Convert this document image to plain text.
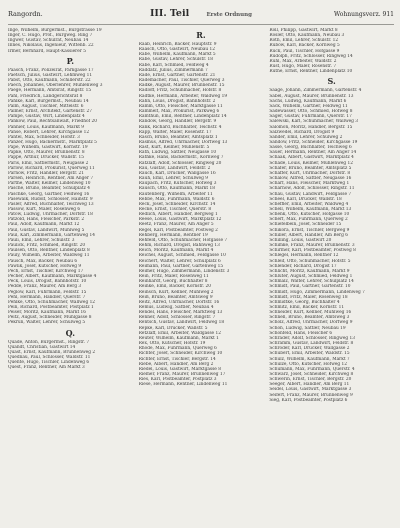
Rangordn.	III. Teil	Erste Ordnung	Wohnungsverz. 911
Inge, Wilhelm, Bürgermst., Burgstrasse 19
Inger, C. Hugo, Prof., Burgweg. Ring 7
Ingwer, Gustav, Schulrat, Neubau 14
Innes, Nikolaus, Ingenieur, Wittenb. 22
Irmer, Bernhard, Haupt-Kassierer 5
P.
Paasch, Franz, Polizeirat, Parkgasse 17
Paetsch, Julius, Gastwirt, Lehmweg 11
Pabst, Otto, Kaufmann, Schillerstr. 22
Paech, Johannes, Oberlehrer, Mühlenweg 3
Paege, Hermann, Amtsrat, Ringstr. 15
Pahl, Friedrich, Landgerichtsrat 8
Pahlke, Karl, Bürgermst., Neubau 14
Palm, August, Tischler, Mittelstr. 6
Palmer, Ernst, Architekt, Gartenstr. 27
Pampe, Gustav, Wirt, Lindenplatz 4
Pankow, Paul, Rechtsanwalt, Friedhof 20
Pannier, Louis, Kaufmann, Markt 9
Panse, Robert, Lehrer, Kirchgasse 12
Pantel, Max, Schneider, Hofstr. 3
Panzer, Hugo, Bäckermstr., Marktplatz 5
Pape, Wilhelm, Gastwirt, Kornstr. 19
Papke, Otto, Maurer, Brunnenstr. 8
Pappe, Arthur, Drucker, Wallstr. 15
Paris, Emil, Sattlermstr., Neugasse 2
Parlow, Richard, Prokurist, Querweg 11
Parnow, Fritz, Händler, Bergstr. 21
Parsen, Heinrich, Rentner, Am Anger 7
Parthe, Walter, Kellner, Lindenweg 10
Pasche, Bruno, Beamter, Schulplatz 4
Paschke, Georg, Gärtner, Feldweg 16
Pasewalk, Rudolf, Schlosser, Hainstr. 9
Pasler, Alfred, Buchhalter, Teichweg 13
Passow, Kurt, Maler, Rosenweg 6
Pätow, Ludwig, Uhrmacher, Dorfstr. 18
Pätzold, Hans, Fleischer, Parkstr. 2
Paul, Adolf, Kaufmann, Markt 12
Paul, Gustav, Landwirt, Mühlweg 5
Paul, Karl, Zimmermann, Gartenweg 14
Pauli, Emil, Lehrer, Schulstr. 3
Paulick, Fritz, Schmied, Ringstr. 20
Paulsen, Otto, Rentner, Lindenplatz 8
Pauly, Wilhelm, Arbeiter, Waldweg 11
Pausch, Max, Bäcker, Neubau 6
Pawlik, Josef, Kutscher, Hofweg 9
Pech, Ernst, Tischler, Kirchweg 17
Pecher, Albert, Kaufmann, Marktgasse 4
Peck, Louis, Drogist, Bahnhofstr. 10
Pedde, Franz, Maurer, Am Berg 3
Peglow, Karl, Fuhrmann, Feldstr. 15
Pehl, Hermann, Händler, Querstr. 7
Pehlke, Otto, Schuhmacher, Wallweg 12
Pein, Richard, Postbeamter, Postplatz 1
Peiser, Moritz, Kaufmann, Markt 16
Peitz, August, Schneider, Mühlgasse 8
Pekrun, Walter, Lehrer, Schulweg 5
Q.
Quade, Anton, Bürgermst., Ringstr. 7
Quandt, Christian, Gastwirt 14
Quast, Ernst, Kaufmann, Brunnenweg 2
Quednau, Paul, Schlosser, Waldstr. 11
Quente, Hugo, Tischler, Lindenweg 6
Quest, Franz, Rentner, Am Markt 3
R.
Raab, Heinrich, Bäcker, Hauptstr. 9
Raasch, Otto, Gastwirt, Neubau 12
Rabe, Wilhelm, Kaufmann, Markt 5
Rabe, Gustav, Lehrer, Schulstr. 18
Rabe, Karl, Schmied, Feldweg 4
Raddatz, Julius, Zimmermann 7
Rade, Ernst, Gärtner, Gartenstr. 21
Rademacher, Paul, Tischler, Querweg 3
Radke, August, Maurer, Brunnenstr. 15
Radloff, Fritz, Schuhmacher, Hofstr. 8
Radtke, Hermann, Arbeiter, Waldweg 19
Rahn, Louis, Drogist, Bahnhofstr. 2
Ramm, Otto, Fleischer, Marktgasse 11
Rammelt, Max, Prokurist, Parkweg 6
Ramthun, Emil, Rentner, Lindenplatz 14
Randow, Georg, Händler, Bergstr. 9
Rank, Richard, Buchhalter, Teichstr. 4
Rapp, Walter, Maler, Rosenstr. 17
Rasch, Bruno, Beamter, Amtsplatz 1
Rasmus, Alfred, Uhrmacher, Dorfweg 13
Rast, Kurt, Kellner, Mühlenstr. 5
Rath, Ludwig, Sattler, Neugasse 10
Rathke, Hans, Bäckermstr., Kornweg 7
Ratzlaff, Adolf, Schlosser, Ringweg 20
Rau, Gustav, Landwirt, Feldstr. 2
Rauch, Karl, Drucker, Wallgasse 16
Rauh, Emil, Lehrer, Schulweg 9
Raupach, Fritz, Kutscher, Hofweg 3
Rausch, Otto, Kaufmann, Markt 18
Rautenberg, Wilhelm, Arbeiter 11
Rebbe, Max, Fuhrmann, Waldstr. 6
Reck, Josef, Schneider, Kirchstr. 14
Recke, Ernst, Tischler, Querstr. 8
Redlich, Albert, Händler, Bergweg 1
Reese, Louis, Gastwirt, Marktplatz 12
Reetz, Franz, Maurer, Am Anger 5
Regel, Karl, Postbeamter, Postweg 2
Rehberg, Hermann, Rentner 19
Rehfeld, Otto, Schuhmacher, Hofgasse 7
Rehm, Richard, Drogist, Bahnweg 13
Reich, Moritz, Kaufmann, Markt 4
Reichel, August, Schmied, Feldgasse 10
Reichert, Walter, Lehrer, Schulplatz 6
Reimann, Paul, Gärtner, Gartenweg 15
Reimer, Hugo, Zimmermann, Lindenstr. 3
Rein, Fritz, Maler, Rosenweg 11
Reinhardt, Georg, Buchhalter 8
Reinke, Emil, Bäcker, Kornstr. 20
Reinsch, Kurt, Kellner, Mühlweg 2
Reiß, Bruno, Beamter, Amtsweg 9
Reitz, Alfred, Uhrmacher, Dorfstr. 16
Remus, Ludwig, Sattler, Neubau 4
Rendel, Hans, Fleischer, Marktweg 13
Renner, Adolf, Schlosser, Ringstr. 7
Rentsch, Gustav, Landwirt, Feldweg 18
Repke, Karl, Drucker, Wallstr. 5
Retzlaff, Emil, Arbeiter, Waldgasse 12
Reuter, Wilhelm, Kaufmann, Markt 1
Rex, Otto, Kutscher, Hofstr. 19
Rhode, Max, Fuhrmann, Querweg 6
Richter, Josef, Schneider, Kirchweg 10
Richter, Ernst, Tischler, Bergstr. 14
Riebe, Albert, Händler, Am Berg 2
Riedel, Louis, Gastwirt, Marktgasse 8
Riemer, Franz, Maurer, Brunnenweg 17
Ries, Karl, Postbeamter, Postplatz 3
Riese, Hermann, Rentner, Lindenweg 11
Röll, Philipp, Gastwirt, Markt 8
Rösler, Otto, Kaufmann, Neubau 3
Roth, Emil, Lehrer, Schulstr. 12
Rubow, Karl, Bäcker, Kornweg 5
Ruck, Paul, Tischler, Hofgasse 9
Rudolph, Fritz, Schlosser, Ringweg 14
Rühl, Max, Arbeiter, Waldstr. 2
Rust, Hugo, Maler, Rosenstr. 7
Ruthe, Ernst, Rentner, Lindenplatz 10
S.
Saage, Johann, Zimmermann, Gartenstr. 4
Sabel, August, Maurer, Brunnenstr. 13
Sachs, Ludwig, Kaufmann, Markt 6
Sack, Wilhelm, Gärtner, Feldweg 11
Sadewasser, Otto, Schmied, Hofweg 8
Sager, Gustav, Fuhrmann, Querstr. 17
Salewski, Karl, Schuhmacher, Wallweg 3
Salomon, Moritz, Händler, Bergstr. 15
Salzwedel, Richard, Drogist 9
Sander, Emil, Lehrer, Schulweg 2
Sandow, Fritz, Schneider, Kirchgasse 19
Sasse, Georg, Buchhalter, Teichweg 6
Sauer, Hermann, Rentner, Am Anger 14
Schaak, Albert, Gastwirt, Marktplatz 4
Schade, Louis, Kellner, Mühlenweg 12
Schäfer, Bruno, Beamter, Amtsplatz 5
Schaffer, Kurt, Uhrmacher, Dorfstr. 8
Schalow, Alfred, Sattler, Neugasse 16
Scharf, Hans, Fleischer, Marktweg 1
Scharnow, Adolf, Schlosser, Ringstr. 11
Schau, Gustav, Landwirt, Feldgasse 7
Scheel, Karl, Drucker, Wallstr. 18
Scheffler, Emil, Arbeiter, Waldweg 4
Schell, Wilhelm, Kaufmann, Markt 13
Schenk, Otto, Kutscher, Hofgasse 10
Scherf, Max, Fuhrmann, Querweg 2
Schiefelbein, Josef, Schneider 15
Schikora, Ernst, Tischler, Bergweg 9
Schiller, Albert, Händler, Am Berg 6
Schilling, Louis, Gastwirt 20
Schimke, Franz, Maurer, Brunnenstr. 3
Schirmer, Karl, Postbeamter, Postweg 8
Schlegel, Hermann, Rentner 12
Schleif, Otto, Schuhmacher, Hofstr. 5
Schlender, Richard, Drogist 17
Schlicht, Moritz, Kaufmann, Markt 9
Schlüter, August, Schmied, Feldweg 1
Schmalz, Walter, Lehrer, Schulplatz 14
Schmidt, Paul, Gärtner, Gartenstr. 10
Schmidt, Hugo, Zimmermann, Lindenweg 7
Schmidt, Fritz, Maler, Rosenweg 18
Schmidtke, Georg, Buchhalter 4
Schmitz, Emil, Bäcker, Kornstr. 11
Schneider, Kurt, Kellner, Mühlweg 16
Schnell, Bruno, Beamter, Amtsweg 3
Scholz, Alfred, Uhrmacher, Dorfweg 9
Schön, Ludwig, Sattler, Neubau 19
Schönfeld, Hans, Fleischer 6
Schrader, Adolf, Schlosser, Ringweg 13
Schramm, Gustav, Landwirt, Feldstr. 8
Schröder, Karl, Drucker, Wallgasse 2
Schubert, Emil, Arbeiter, Waldstr. 15
Schulz, Wilhelm, Kaufmann, Markt 7
Schulze, Otto, Kutscher, Hofweg 12
Schumann, Max, Fuhrmann, Querstr. 4
Schwarz, Josef, Schneider, Kirchweg 8
Schwerin, Ernst, Tischler, Bergstr. 20
Seeger, Albert, Händler, Am Berg 11
Seidel, Louis, Gastwirt, Marktgasse 3
Seifert, Franz, Maurer, Brunnenweg 9
Sieg, Karl, Postbeamter, Postplatz 6
